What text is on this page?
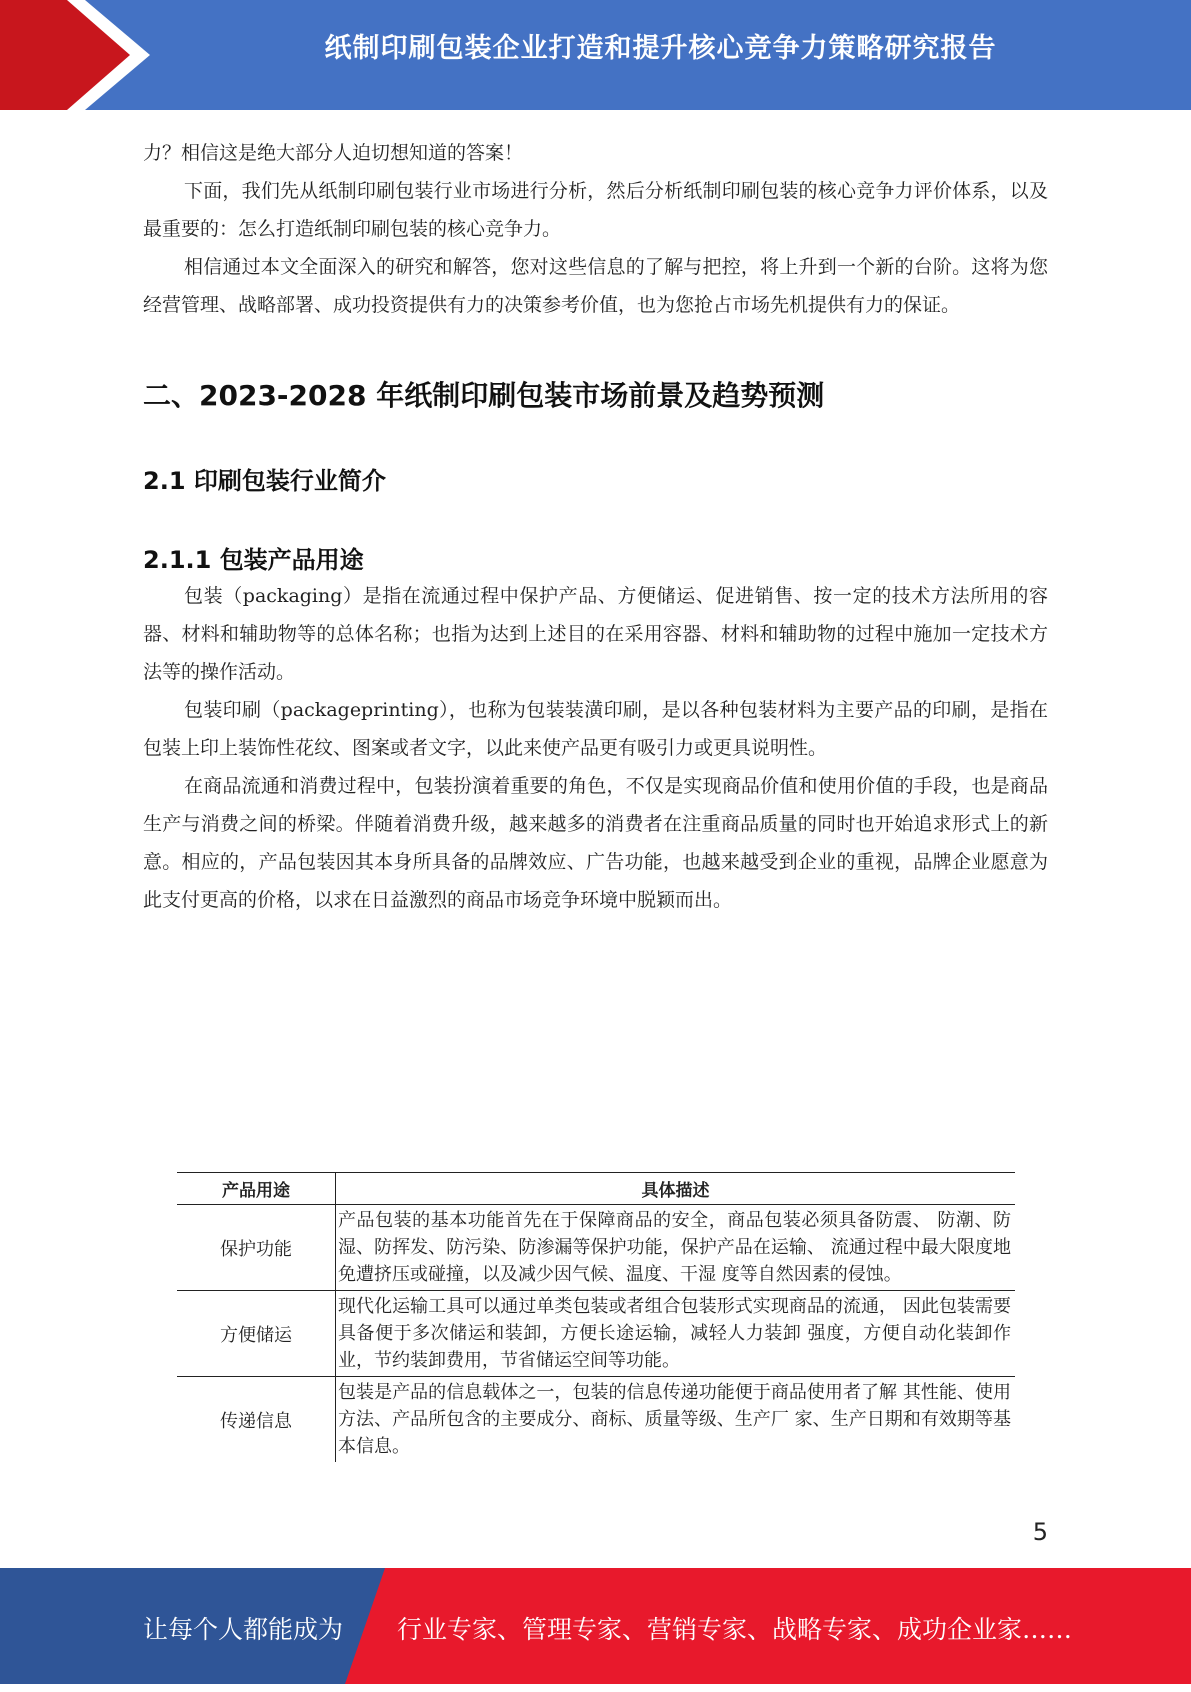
纸制印刷包装企业打造和提升核心竞争力策略研究报告

力？相信这是绝大部分人迫切想知道的答案！

下面，我们先从纸制印刷包装行业市场进行分析，然后分析纸制印刷包装的核心竞争力评价体系，以及最重要的：怎么打造纸制印刷包装的核心竞争力。

相信通过本文全面深入的研究和解答，您对这些信息的了解与把控，将上升到一个新的台阶。这将为您经营管理、战略部署、成功投资提供有力的决策参考价值，也为您抢占市场先机提供有力的保证。

二、2023-2028 年纸制印刷包装市场前景及趋势预测
2.1 印刷包装行业简介
2.1.1 包装产品用途

包装（packaging）是指在流通过程中保护产品、方便储运、促进销售、按一定的技术方法所用的容器、材料和辅助物等的总体名称；也指为达到上述目的在采用容器、材料和辅助物的过程中施加一定技术方法等的操作活动。

包装印刷（packageprinting），也称为包装装潢印刷，是以各种包装材料为主要产品的印刷，是指在包装上印上装饰性花纹、图案或者文字，以此来使产品更有吸引力或更具说明性。

在商品流通和消费过程中，包装扮演着重要的角色，不仅是实现商品价值和使用价值的手段，也是商品生产与消费之间的桥梁。伴随着消费升级，越来越多的消费者在注重商品质量的同时也开始追求形式上的新意。相应的，产品包装因其本身所具备的品牌效应、广告功能，也越来越受到企业的重视，品牌企业愿意为此支付更高的价格，以求在日益激烈的商品市场竞争环境中脱颖而出。

产品用途	具体描述
保护功能	产品包装的基本功能首先在于保障商品的安全，商品包装必须具备防震、 防潮、防湿、防挥发、防污染、防渗漏等保护功能，保护产品在运输、 流通过程中最大限度地免遭挤压或碰撞，以及减少因气候、温度、干湿 度等自然因素的侵蚀。
方便储运	现代化运输工具可以通过单类包装或者组合包装形式实现商品的流通， 因此包装需要具备便于多次储运和装卸，方便长途运输，减轻人力装卸 强度，方便自动化装卸作业，节约装卸费用，节省储运空间等功能。
传递信息	包装是产品的信息载体之一，包装的信息传递功能便于商品使用者了解 其性能、使用方法、产品所包含的主要成分、商标、质量等级、生产厂 家、生产日期和有效期等基本信息。
5
让每个人都能成为 行业专家、管理专家、营销专家、战略专家、成功企业家……
